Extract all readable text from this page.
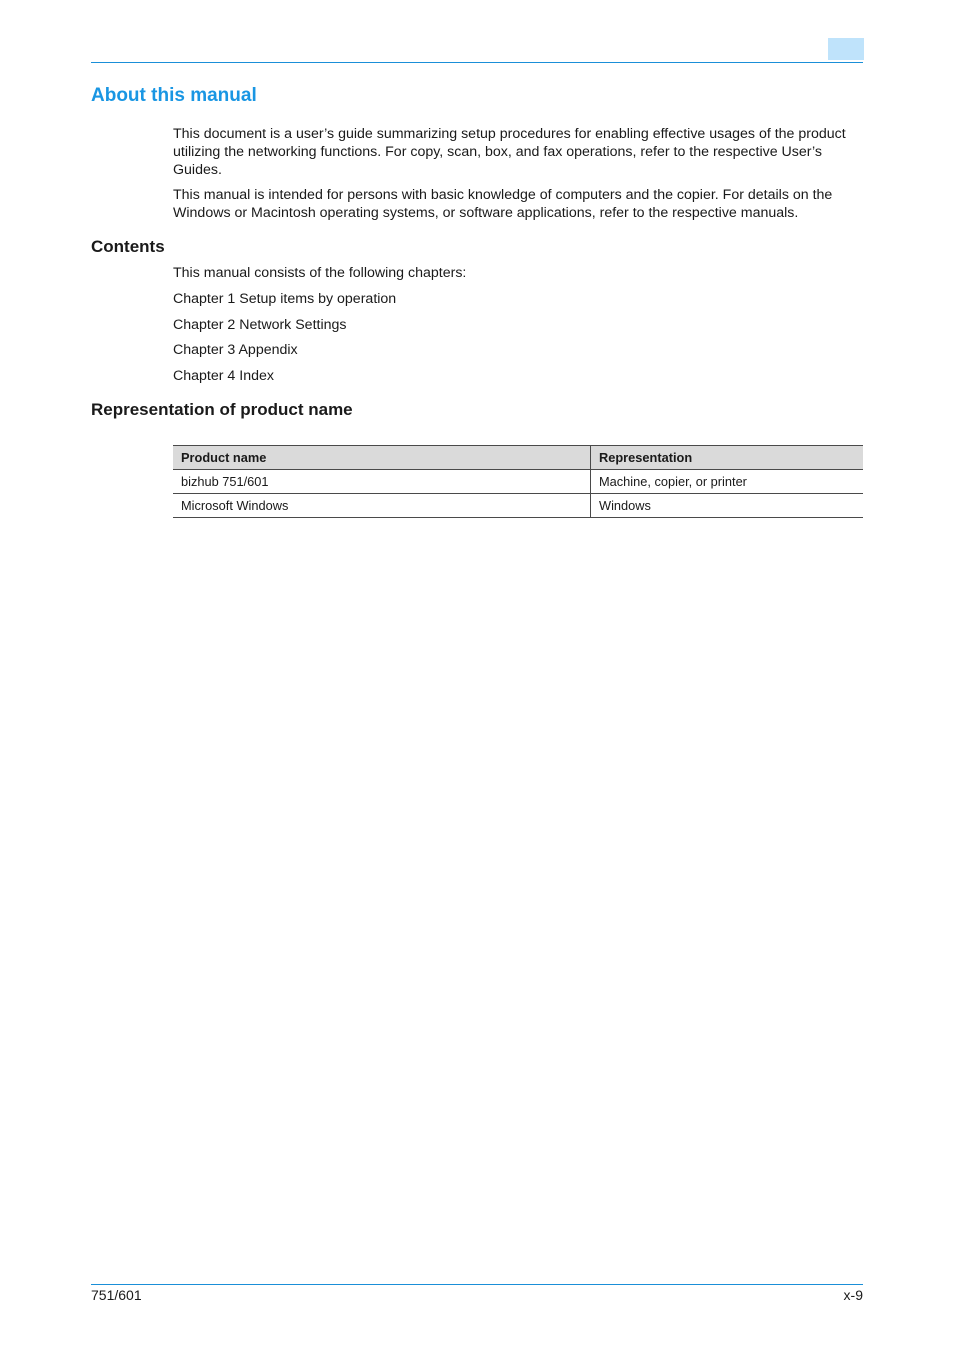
About this manual

This document is a user’s guide summarizing setup procedures for enabling effective usages of the product utilizing the networking functions. For copy, scan, box, and fax operations, refer to the respective User’s Guides.

This manual is intended for persons with basic knowledge of computers and the copier. For details on the Windows or Macintosh operating systems, or software applications, refer to the respective manuals.

Contents

This manual consists of the following chapters:

Chapter 1 Setup items by operation
Chapter 2 Network Settings
Chapter 3 Appendix
Chapter 4 Index
Representation of product name
Product name	Representation
bizhub 751/601	Machine, copier, or printer
Microsoft Windows	Windows
751/601	x-9
